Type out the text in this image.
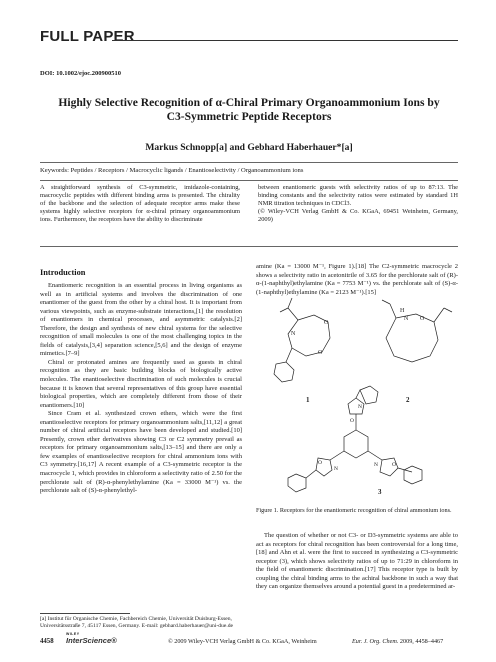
FULL PAPER
DOI: 10.1002/ejoc.200900510
Highly Selective Recognition of α-Chiral Primary Organoammonium Ions by
C3-Symmetric Peptide Receptors
Markus Schnopp[a] and Gebhard Haberhauer*[a]
Keywords: Peptides / Receptors / Macrocyclic ligands / Enantioselectivity / Organoammonium ions
A straightforward synthesis of C3-symmetric, imidazole-containing, macrocyclic peptides with different binding arms is presented. The chirality of the backbone and the selection of adequate receptor arms make these systems highly selective receptors for α-chiral primary organoammonium ions. Furthermore, the receptors have the ability to discriminate
between enantiomeric guests with selectivity ratios of up to 87:13. The binding constants and the selectivity ratios were estimated by standard 1H NMR titration techniques in CDCl3.
(© Wiley-VCH Verlag GmbH & Co. KGaA, 69451 Weinheim, Germany, 2009)
Introduction

Enantiomeric recognition is an essential process in living organisms as well as in artificial systems and involves the discrimination of one enantiomer of the guest from the other by a chiral host. It is important from various viewpoints, such as enzyme-substrate interactions,[1] the resolution of enantiomers in chemical processes, and asymmetric catalysis.[2] Therefore, the design and synthesis of new chiral systems for the selective recognition of small molecules is one of the most challenging topics in the fields of catalysis,[3,4] separation science,[5,6] and the design of enzyme mimetics.[7–9]

Chiral or protonated amines are frequently used as guests in chiral recognition as they are basic building blocks of biologically active molecules. The enantioselective discrimination of such molecules is crucial because it is known that several representatives of this group have essential biological properties, which are completely different from those of their enantiomers.[10]

Since Cram et al. synthesized crown ethers, which were the first enantioselective receptors for primary organoammonium salts,[11,12] a great number of chiral artificial receptors have been developed and studied.[10] Presently, crown ether derivatives showing C3 or C2 symmetry prevail as receptors for primary organoammonium salts,[13–15] and there are only a few examples of enantioselective receptors for chiral ammonium ions with C3 symmetry.[16,17] A recent example of a C3-symmetric receptor is the macrocycle 1, which provides in chloroform a selectivity ratio of 2.50 for the perchlorate salt of (R)-α-phenylethylamine (Ka = 33000 M⁻¹) vs. the perchlorate salt of (S)-α-phenylethyl-

amine (Ka = 13000 M⁻¹, Figure 1).[18] The C2-symmetric macrocycle 2 shows a selectivity ratio in acetonitrile of 3.65 for the perchlorate salt of (R)-α-(1-naphthyl)ethylamine (Ka = 7753 M⁻¹) vs. the perchlorate salt of (S)-α-(1-naphthyl)ethylamine (Ka = 2123 M⁻¹).[15]

N
O
O
1
H
N O
2
N
O
N
O	N	O
3
Figure 1. Receptors for the enantiomeric recognition of chiral ammonium ions.

The question of whether or not C3- or D3-symmetric systems are able to act as receptors for chiral recognition has been controversial for a long time,[18] and Ahn et al. were the first to succeed in synthesizing a C3-symmetric receptor (3), which shows selectivity ratios of up to 71:29 in chloroform in the field of enantiomeric discrimination.[17] This receptor type is built by coupling the chiral binding arms to the achiral backbone in such a way that they can organize themselves around a potential guest in a predetermined ar-

[a] Institut für Organische Chemie, Fachbereich Chemie, Universität Duisburg-Essen, Universitätsstraße 7, 45117 Essen, Germany. E-mail: gebhard.haberhauer@uni-due.de
4458
WILEY
InterScience®	© 2009 Wiley-VCH Verlag GmbH & Co. KGaA, Weinheim	Eur. J. Org. Chem. 2009, 4458–4467
